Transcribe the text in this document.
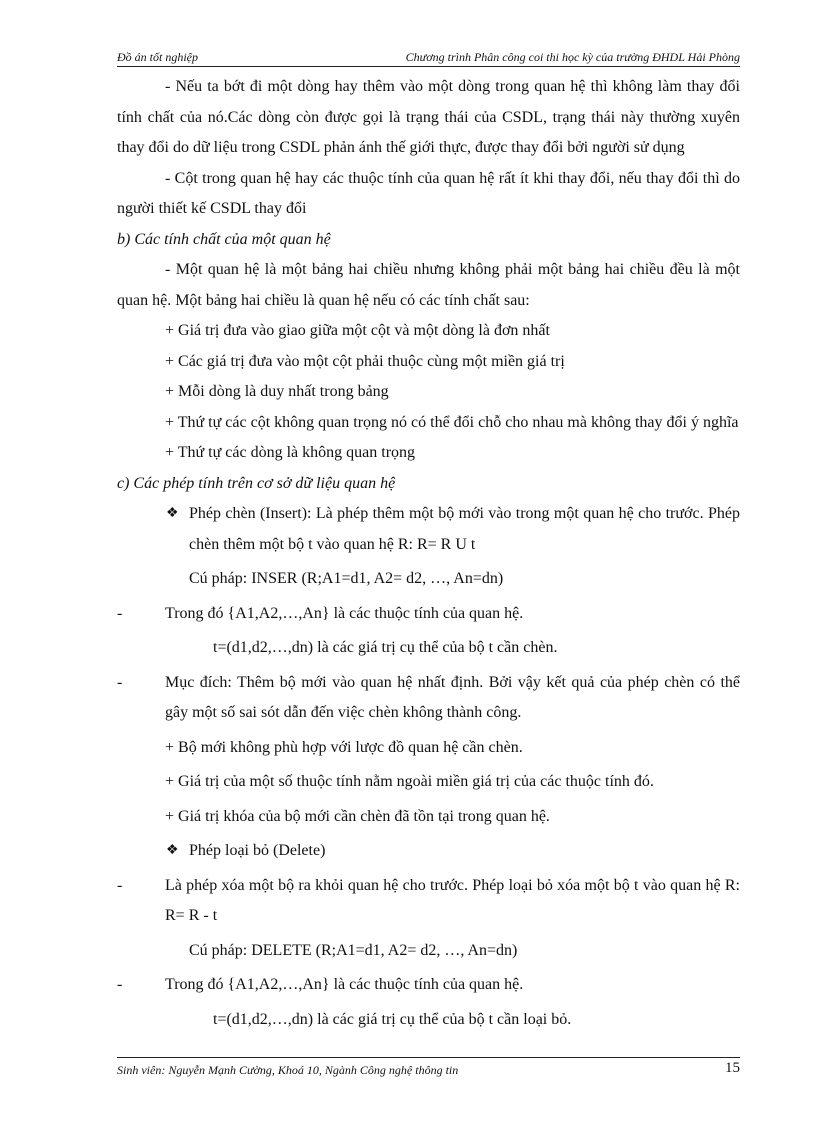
Đồ án tốt nghiệp	Chương trình Phân công coi thi học kỳ của trường ĐHDL Hải Phòng

- Nếu ta bớt đi một dòng hay thêm vào một dòng trong quan hệ thì không làm thay đổi tính chất của nó.Các dòng còn được gọi là trạng thái của CSDL, trạng thái này thường xuyên thay đổi do dữ liệu trong CSDL phản ánh thế giới thực, được thay đổi bởi người sử dụng

- Cột trong quan hệ hay các thuộc tính của quan hệ rất ít khi thay đổi, nếu thay đổi thì do người thiết kế CSDL thay đổi

b) Các tính chất của một quan hệ

- Một quan hệ là một bảng hai chiều nhưng không phải một bảng hai chiều đều là một quan hệ. Một bảng hai chiều là quan hệ nếu có các tính chất sau:

+ Giá trị đưa vào giao giữa một cột và một dòng là đơn nhất

+ Các giá trị đưa vào một cột phải thuộc cùng một miền giá trị

+ Mỗi dòng là duy nhất trong bảng

+ Thứ tự các cột không quan trọng nó có thể đổi chỗ cho nhau mà không thay đổi ý nghĩa

+ Thứ tự các dòng là không quan trọng

c) Các phép tính trên cơ sở dữ liệu quan hệ

❖ Phép chèn (Insert): Là phép thêm một bộ mới vào trong một quan hệ cho trước. Phép chèn thêm một bộ t vào quan hệ R: R= R U t

Cú pháp: INSER (R;A1=d1, A2= d2, …, An=dn)

-	Trong đó {A1,A2,…,An} là các thuộc tính của quan hệ.

t=(d1,d2,…,dn) là các giá trị cụ thể của bộ t cần chèn.

-	Mục đích: Thêm bộ mới vào quan hệ nhất định. Bởi vậy kết quả của phép chèn có thể gây một số sai sót dẫn đến việc chèn không thành công.

+ Bộ mới không phù hợp với lược đồ quan hệ cần chèn.

+ Giá trị của một số thuộc tính nằm ngoài miền giá trị của các thuộc tính đó.

+ Giá trị khóa của bộ mới cần chèn đã tồn tại trong quan hệ.

❖ Phép loại bỏ (Delete)

-	Là phép xóa một bộ ra khỏi quan hệ cho trước. Phép loại bỏ xóa một bộ t vào quan hệ R: R= R - t

Cú pháp: DELETE (R;A1=d1, A2= d2, …, An=dn)

-	Trong đó {A1,A2,…,An} là các thuộc tính của quan hệ.

t=(d1,d2,…,dn) là các giá trị cụ thể của bộ t cần loại bỏ.

Sinh viên: Nguyễn Mạnh Cường, Khoá 10, Ngành Công nghệ thông tin	15
